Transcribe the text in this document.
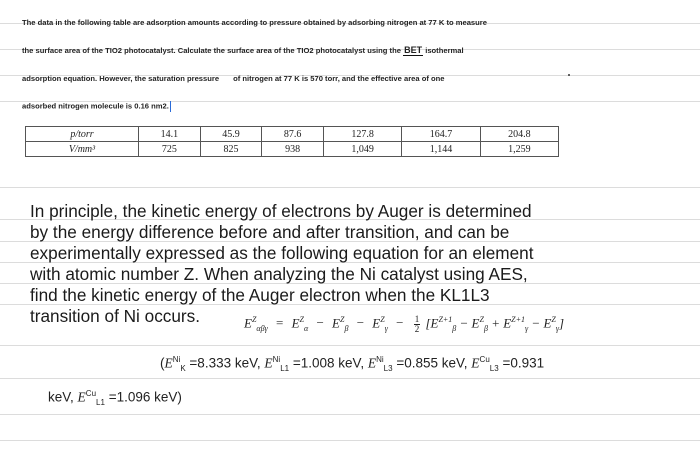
The data in the following table are adsorption amounts according to pressure obtained by adsorbing nitrogen at 77 K to measure
the surface area of the TIO2 photocatalyst. Calculate the surface area of the TIO2 photocatalyst using the BET isothermal
adsorption equation. However, the saturation pressure of nitrogen at 77 K is 570 torr, and the effective area of one
adsorbed nitrogen molecule is 0.16 nm2.
p/torr	14.1	45.9	87.6	127.8	164.7	204.8
V/mm³	725	825	938	1,049	1,144	1,259
In principle, the kinetic energy of electrons by Auger is determined
by the energy difference before and after transition, and can be
experimentally expressed as the following equation for an element
with atomic number Z. When analyzing the Ni catalyst using AES,
find the kinetic energy of the Auger electron when the KL1L3
transition of Ni occurs.	$E^Z_{\alpha\beta\gamma} = E^Z_\alpha - E^Z_\beta - E^Z_\gamma - \frac{1}{2} [E^{Z+1}_\beta - E^Z_\beta + E^{Z+1}_\gamma - E^Z_\gamma]$
($E^{Ni}_K =8.333$ keV, $E^{Ni}_{L1} =1.008$ keV, $E^{Ni}_{L3} =0.855$ keV, $E^{Cu}_{L3} =0.931$
keV, $E^{Cu}_{L1} =1.096$ keV)
